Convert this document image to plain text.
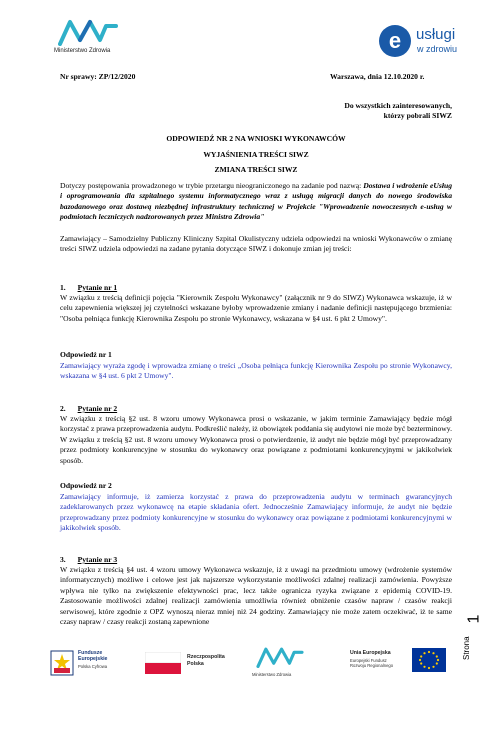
Ministerstwo Zdrowia	e usługi
w zdrowiu
Nr sprawy: ZP/12/2020	Warszawa, dnia 12.10.2020 r.
Do wszystkich zainteresowanych,
którzy pobrali SIWZ
ODPOWIEDŹ NR 2 NA WNIOSKI WYKONAWCÓW
WYJAŚNIENIA TREŚCI SIWZ
ZMIANA TREŚCI SIWZ
Dotyczy postępowania prowadzonego w trybie przetargu nieograniczonego na zadanie pod nazwą: Dostawa i wdrożenie eUsług i oprogramowania dla szpitalnego systemu informatycznego wraz z usługą migracji danych do nowego środowiska bazodanowego oraz dostawą niezbędnej infrastruktury technicznej w Projekcie "Wprowadzenie nowoczesnych e-usług w podmiotach leczniczych nadzorowanych przez Ministra Zdrowia"
Zamawiający – Samodzielny Publiczny Kliniczny Szpital Okulistyczny udziela odpowiedzi na wnioski Wykonawców o zmianę treści SIWZ udziela odpowiedzi na zadane pytania dotyczące SIWZ i dokonuje zmian jej treści:
1. Pytanie nr 1
W związku z treścią definicji pojęcia "Kierownik Zespołu Wykonawcy" (załącznik nr 9 do SIWZ) Wykonawca wskazuje, iż w celu zapewnienia większej jej czytelności wskazane byłoby wprowadzenie zmiany i nadanie definicji następującego brzmienia: "Osoba pełniąca funkcję Kierownika Zespołu po stronie Wykonawcy, wskazana w §4 ust. 6 pkt 2 Umowy".
Odpowiedź nr 1
Zamawiający wyraża zgodę i wprowadza zmianę o treści „Osoba pełniąca funkcję Kierownika Zespołu po stronie Wykonawcy, wskazana w §4 ust. 6 pkt 2 Umowy".
2. Pytanie nr 2
W związku z treścią §2 ust. 8 wzoru umowy Wykonawca prosi o wskazanie, w jakim terminie Zamawiający będzie mógł korzystać z prawa przeprowadzenia audytu. Podkreślić należy, iż obowiązek poddania się audytowi nie może być bezterminowy. W związku z treścią §2 ust. 8 wzoru umowy Wykonawca prosi o potwierdzenie, iż audyt nie będzie mógł być przeprowadzany przez podmioty konkurencyjne w stosunku do wykonawcy oraz powiązane z podmiotami konkurencyjnymi w jakikolwiek sposób.
Odpowiedź nr 2
Zamawiający informuje, iż zamierza korzystać z prawa do przeprowadzenia audytu w terminach gwarancyjnych zadeklarowanych przez wykonawcę na etapie składania ofert. Jednocześnie Zamawiający informuje, że audyt nie będzie przeprowadzany przez podmioty konkurencyjne w stosunku do wykonawcy oraz powiązane z podmiotami konkurencyjnymi w jakikolwiek sposób.
3. Pytanie nr 3
W związku z treścią §4 ust. 4 wzoru umowy Wykonawca wskazuje, iż z uwagi na przedmiotu umowy (wdrożenie systemów informatycznych) możliwe i celowe jest jak najszersze wykorzystanie możliwości zdalnej realizacji zamówienia. Powyższe wpływa nie tylko na zwiększenie efektywności prac, lecz także ogranicza ryzyka związane z epidemią COVID-19. Zastosowanie możliwości zdalnej realizacji zamówienia umożliwia również obniżenie czasów napraw / czasów reakcji serwisowej, które zgodnie z OPZ wynoszą nieraz mniej niż 24 godziny. Zamawiający nie może zatem oczekiwać, iż te same czasy napraw / czasy reakcji zostaną zapewnione
Strona
1
Fundusze
Europejskie
Polska Cyfrowa
Rzeczpospolita
Polska
Ministerstwo Zdrowia
Unia Europejska
Europejski Fundusz
Rozwoju Regionalnego
